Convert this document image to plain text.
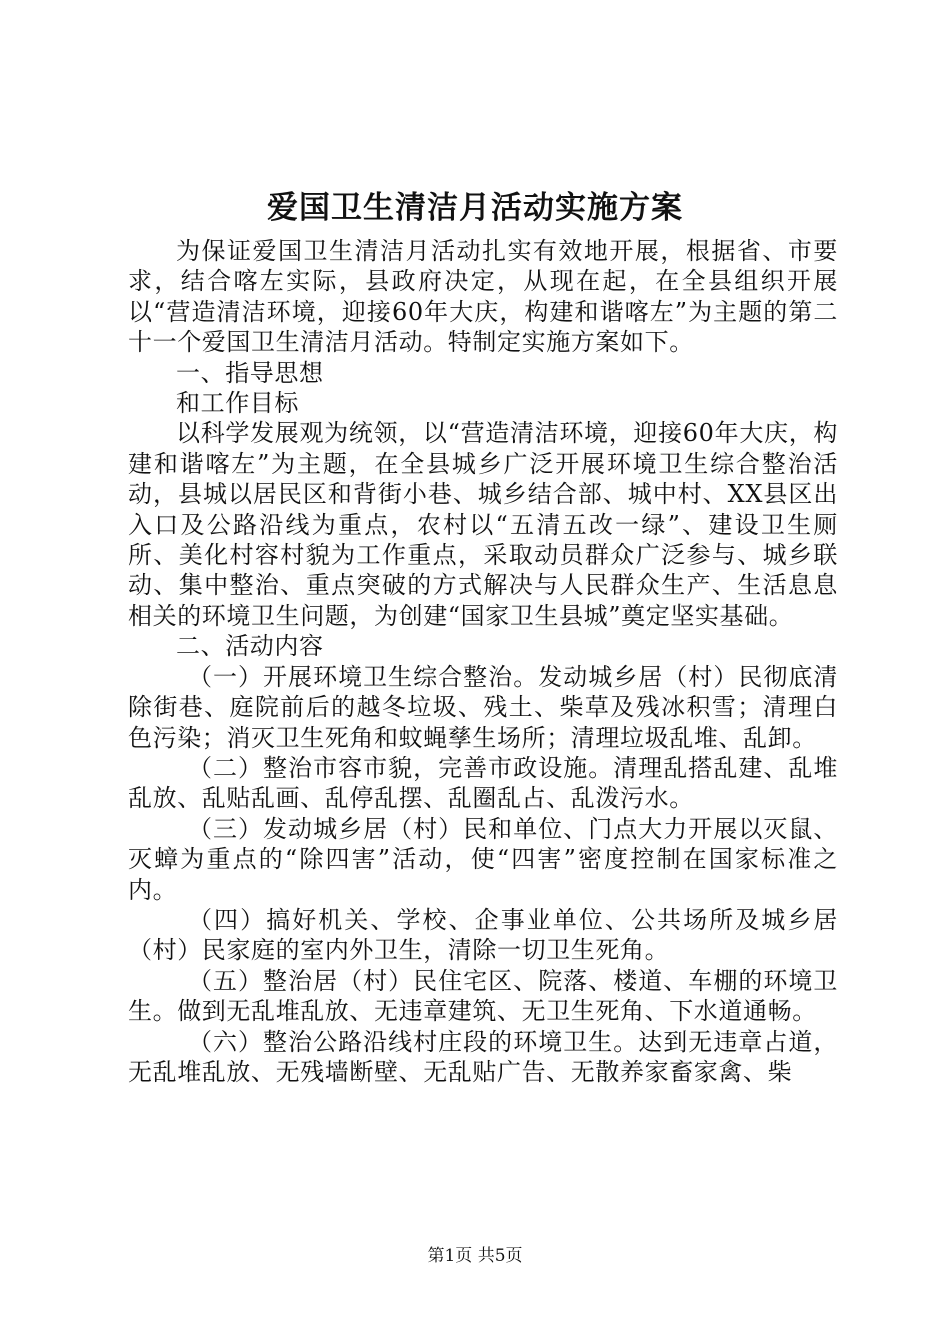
爱国卫生清洁月活动实施方案

为保证爱国卫生清洁月活动扎实有效地开展，根据省、市要求，结合喀左实际，县政府决定，从现在起，在全县组织开展以“营造清洁环境，迎接60年大庆，构建和谐喀左”为主题的第二十一个爱国卫生清洁月活动。特制定实施方案如下。

一、指导思想

和工作目标

以科学发展观为统领，以“营造清洁环境，迎接60年大庆，构建和谐喀左”为主题，在全县城乡广泛开展环境卫生综合整治活动，县城以居民区和背街小巷、城乡结合部、城中村、XX县区出入口及公路沿线为重点，农村以“五清五改一绿”、建设卫生厕所、美化村容村貌为工作重点，采取动员群众广泛参与、城乡联动、集中整治、重点突破的方式解决与人民群众生产、生活息息相关的环境卫生问题，为创建“国家卫生县城”奠定坚实基础。

二、活动内容

（一）开展环境卫生综合整治。发动城乡居（村）民彻底清除街巷、庭院前后的越冬垃圾、残土、柴草及残冰积雪；清理白色污染；消灭卫生死角和蚊蝇孳生场所；清理垃圾乱堆、乱卸。

（二）整治市容市貌，完善市政设施。清理乱搭乱建、乱堆乱放、乱贴乱画、乱停乱摆、乱圈乱占、乱泼污水。

（三）发动城乡居（村）民和单位、门点大力开展以灭鼠、灭蟑为重点的“除四害”活动，使“四害”密度控制在国家标准之内。

（四）搞好机关、学校、企事业单位、公共场所及城乡居（村）民家庭的室内外卫生，清除一切卫生死角。

（五）整治居（村）民住宅区、院落、楼道、车棚的环境卫生。做到无乱堆乱放、无违章建筑、无卫生死角、下水道通畅。

（六）整治公路沿线村庄段的环境卫生。达到无违章占道，无乱堆乱放、无残墙断壁、无乱贴广告、无散养家畜家禽、柴

第1页 共5页
